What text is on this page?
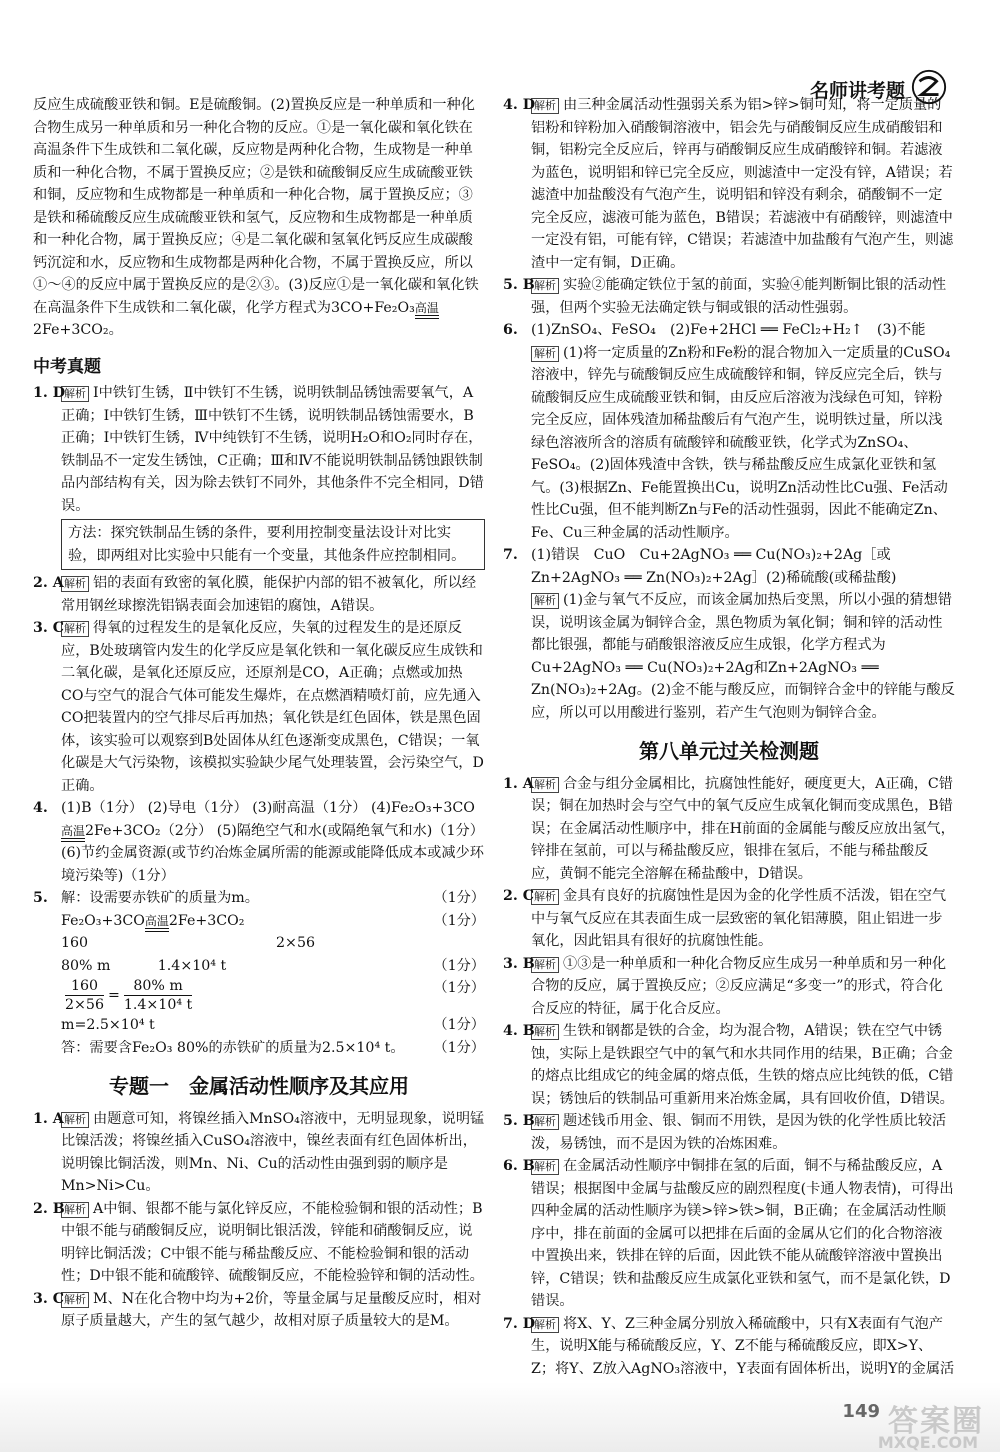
名师讲考题

反应生成硫酸亚铁和铜。E是硫酸铜。(2)置换反应是一种单质和一种化合物生成另一种单质和另一种化合物的反应。①是一氧化碳和氧化铁在高温条件下生成铁和二氧化碳，反应物是两种化合物，生成物是一种单质和一种化合物，不属于置换反应；②是铁和硫酸铜反应生成硫酸亚铁和铜，反应物和生成物都是一种单质和一种化合物，属于置换反应；③是铁和稀硫酸反应生成硫酸亚铁和氢气，反应物和生成物都是一种单质和一种化合物，属于置换反应；④是二氧化碳和氢氧化钙反应生成碳酸钙沉淀和水，反应物和生成物都是两种化合物，不属于置换反应，所以①～④的反应中属于置换反应的是②③。(3)反应①是一氧化碳和氧化铁在高温条件下生成铁和二氧化碳，化学方程式为3CO+Fe₂O₃ 高温
2Fe+3CO₂。

中考真题
1. D
解析 Ⅰ中铁钉生锈，Ⅱ中铁钉不生锈，说明铁制品锈蚀需要氧气，A正确；Ⅰ中铁钉生锈，Ⅲ中铁钉不生锈，说明铁制品锈蚀需要水，B正确；Ⅰ中铁钉生锈，Ⅳ中纯铁钉不生锈，说明H₂O和O₂同时存在，铁制品不一定发生锈蚀，C正确；Ⅲ和Ⅳ不能说明铁制品锈蚀跟铁制品内部结构有关，因为除去铁钉不同外，其他条件不完全相同，D错误。
方法：探究铁制品生锈的条件，要利用控制变量法设计对比实验，即两组对比实验中只能有一个变量，其他条件应控制相同。
2. A 解析 铝的表面有致密的氧化膜，能保护内部的铝不被氧化，所以经常用钢丝球擦洗铝锅表面会加速铝的腐蚀，A错误。
3. C 解析 得氧的过程发生的是氧化反应，失氧的过程发生的是还原反应，B处玻璃管内发生的化学反应是氧化铁和一氧化碳反应生成铁和二氧化碳，是氧化还原反应，还原剂是CO，A正确；点燃或加热CO与空气的混合气体可能发生爆炸，在点燃酒精喷灯前，应先通入CO把装置内的空气排尽后再加热；氧化铁是红色固体，铁是黑色固体，该实验可以观察到B处固体从红色逐渐变成黑色，C错误；一氧化碳是大气污染物，该模拟实验缺少尾气处理装置，会污染空气，D正确。
4. (1)B（1分） (2)导电（1分） (3)耐高温（1分） (4)Fe₂O₃+3CO
高温 2Fe+3CO₂（2分） (5)隔绝空气和水(或隔绝氧气和水)（1分） (6)节约金属资源(或节约冶炼金属所需的能源或能降低成本或减少环境污染等)（1分）
5. 解：设需要赤铁矿的质量为m。	（1分）
Fe₂O₃+3CO 高温 2Fe+3CO₂	（1分）
160	2×56
80% m	1.4×10⁴ t	（1分）
$\frac{160}{2\times 56} = \frac{80\% m}{\text{1.4×10⁴ t}}$	（1分）
m=2.5×10⁴ t	（1分）
答：需要含Fe₂O₃ 80%的赤铁矿的质量为2.5×10⁴ t。 （1分）
专题一　金属活动性顺序及其应用
1. A 解析 由题意可知，将镍丝插入MnSO₄溶液中，无明显现象，说明锰比镍活泼；将镍丝插入CuSO₄溶液中，镍丝表面有红色固体析出，说明镍比铜活泼，则Mn、Ni、Cu的活动性由强到弱的顺序是Mn>Ni>Cu。
2. B 解析 A中铜、银都不能与氯化锌反应，不能检验铜和银的活动性；B中银不能与硝酸铜反应，说明铜比银活泼，锌能和硝酸铜反应，说明锌比铜活泼；C中银不能与稀盐酸反应、不能检验铜和银的活动性；D中银不能和硫酸锌、硫酸铜反应，不能检验锌和铜的活动性。
3. C 解析 M、N在化合物中均为+2价，等量金属与足量酸反应时，相对原子质量越大，产生的氢气越少，故相对原子质量较大的是M。
4. D
解析 由三种金属活动性强弱关系为铝>锌>铜可知，将一定质量的铝粉和锌粉加入硝酸铜溶液中，铝会先与硝酸铜反应生成硝酸铝和铜，铝粉完全反应后，锌再与硝酸铜反应生成硝酸锌和铜。若滤液为蓝色，说明铝和锌已完全反应，则滤渣中一定没有锌，A错误；若滤渣中加盐酸没有气泡产生，说明铝和锌没有剩余，硝酸铜不一定完全反应，滤液可能为蓝色，B错误；若滤液中有硝酸锌，则滤渣中一定没有铝，可能有锌，C错误；若滤渣中加盐酸有气泡产生，则滤渣中一定有铜，D正确。
5. B 解析 实验②能确定铁位于氢的前面，实验④能判断铜比银的活动性强，但两个实验无法确定铁与铜或银的活动性强弱。
6. (1)ZnSO₄、FeSO₄　(2)Fe+2HCl ══ FeCl₂+H₂↑　(3)不能
解析 (1)将一定质量的Zn粉和Fe粉的混合物加入一定质量的CuSO₄溶液中，锌先与硫酸铜反应生成硫酸锌和铜，锌反应完全后，铁与硫酸铜反应生成硫酸亚铁和铜，由反应后溶液为浅绿色可知，锌粉完全反应，固体残渣加稀盐酸后有气泡产生，说明铁过量，所以浅绿色溶液所含的溶质有硫酸锌和硫酸亚铁，化学式为ZnSO₄、FeSO₄。(2)固体残渣中含铁，铁与稀盐酸反应生成氯化亚铁和氢气。(3)根据Zn、Fe能置换出Cu，说明Zn活动性比Cu强、Fe活动性比Cu强，但不能判断Zn与Fe的活动性强弱，因此不能确定Zn、Fe、Cu三种金属的活动性顺序。
7. (1)错误　CuO　Cu+2AgNO₃ ══ Cu(NO₃)₂+2Ag［或Zn+2AgNO₃ ══ Zn(NO₃)₂+2Ag］(2)稀硫酸(或稀盐酸)
解析 (1)金与氧气不反应，而该金属加热后变黑，所以小强的猜想错误，说明该金属为铜锌合金，黑色物质为氧化铜；铜和锌的活动性都比银强，都能与硝酸银溶液反应生成银，化学方程式为Cu+2AgNO₃ ══ Cu(NO₃)₂+2Ag和Zn+2AgNO₃ ══ Zn(NO₃)₂+2Ag。(2)金不能与酸反应，而铜锌合金中的锌能与酸反应，所以可以用酸进行鉴别，若产生气泡则为铜锌合金。
第八单元过关检测题
1. A 解析 合金与组分金属相比，抗腐蚀性能好，硬度更大，A正确，C错误；铜在加热时会与空气中的氧气反应生成氧化铜而变成黑色，B错误；在金属活动性顺序中，排在H前面的金属能与酸反应放出氢气，锌排在氢前，可以与稀盐酸反应，银排在氢后，不能与稀盐酸反应，黄铜不能完全溶解在稀盐酸中，D错误。
2. C 解析 金具有良好的抗腐蚀性是因为金的化学性质不活泼，铝在空气中与氧气反应在其表面生成一层致密的氧化铝薄膜，阻止铝进一步氧化，因此铝具有很好的抗腐蚀性能。
3. B 解析 ①③是一种单质和一种化合物反应生成另一种单质和另一种化合物的反应，属于置换反应；②反应满足“多变一”的形式，符合化合反应的特征，属于化合反应。
4. B 解析 生铁和钢都是铁的合金，均为混合物，A错误；铁在空气中锈蚀，实际上是铁跟空气中的氧气和水共同作用的结果，B正确；合金的熔点比组成它的纯金属的熔点低，生铁的熔点应比纯铁的低，C错误；锈蚀后的铁制品可重新用来冶炼金属，具有回收价值，D错误。
5. B 解析 题述钱币用金、银、铜而不用铁，是因为铁的化学性质比较活泼，易锈蚀，而不是因为铁的冶炼困难。
6. B 解析 在金属活动性顺序中铜排在氢的后面，铜不与稀盐酸反应，A错误；根据图中金属与盐酸反应的剧烈程度(卡通人物表情)，可得出四种金属的活动性顺序为镁>锌>铁>铜，B正确；在金属活动性顺序中，排在前面的金属可以把排在后面的金属从它们的化合物溶液中置换出来，铁排在锌的后面，因此铁不能从硫酸锌溶液中置换出锌，C错误；铁和盐酸反应生成氯化亚铁和氢气，而不是氯化铁，D错误。
7. D
解析 将X、Y、Z三种金属分别放入稀硫酸中，只有X表面有气泡产生，说明X能与稀硫酸反应，Y、Z不能与稀硫酸反应，即X>Y、Z；将Y、Z放入AgNO₃溶液中，Y表面有固体析出，说明Y的金属活
149 答案圈
MXQE.COM
